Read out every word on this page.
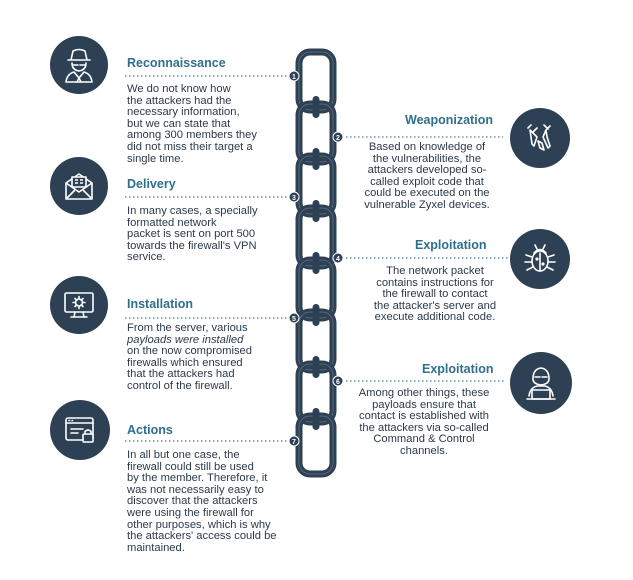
1
3
5
7
2
4
6
Reconnaissance
We do not know how
the attackers had the
necessary information,
but we can state that
among 300 members they
did not miss their target a
single time.
Delivery
In many cases, a specially
formatted network
packet is sent on port 500
towards the firewall's VPN
service.
Installation
From the server, various
payloads were installed
on the now compromised
firewalls which ensured
that the attackers had
control of the firewall.
Actions
In all but one case, the
firewall could still be used
by the member. Therefore, it
was not necessarily easy to
discover that the attackers
were using the firewall for
other purposes, which is why
the attackers' access could be
maintained.
Weaponization
Based on knowledge of
the vulnerabilities, the
attackers developed so-
called exploit code that
could be executed on the
vulnerable Zyxel devices.
Exploitation
The network packet
contains instructions for
the firewall to contact
the attacker's server and
execute additional code.
Exploitation
Among other things, these
payloads ensure that
contact is established with
the attackers via so-called
Command & Control
channels.
